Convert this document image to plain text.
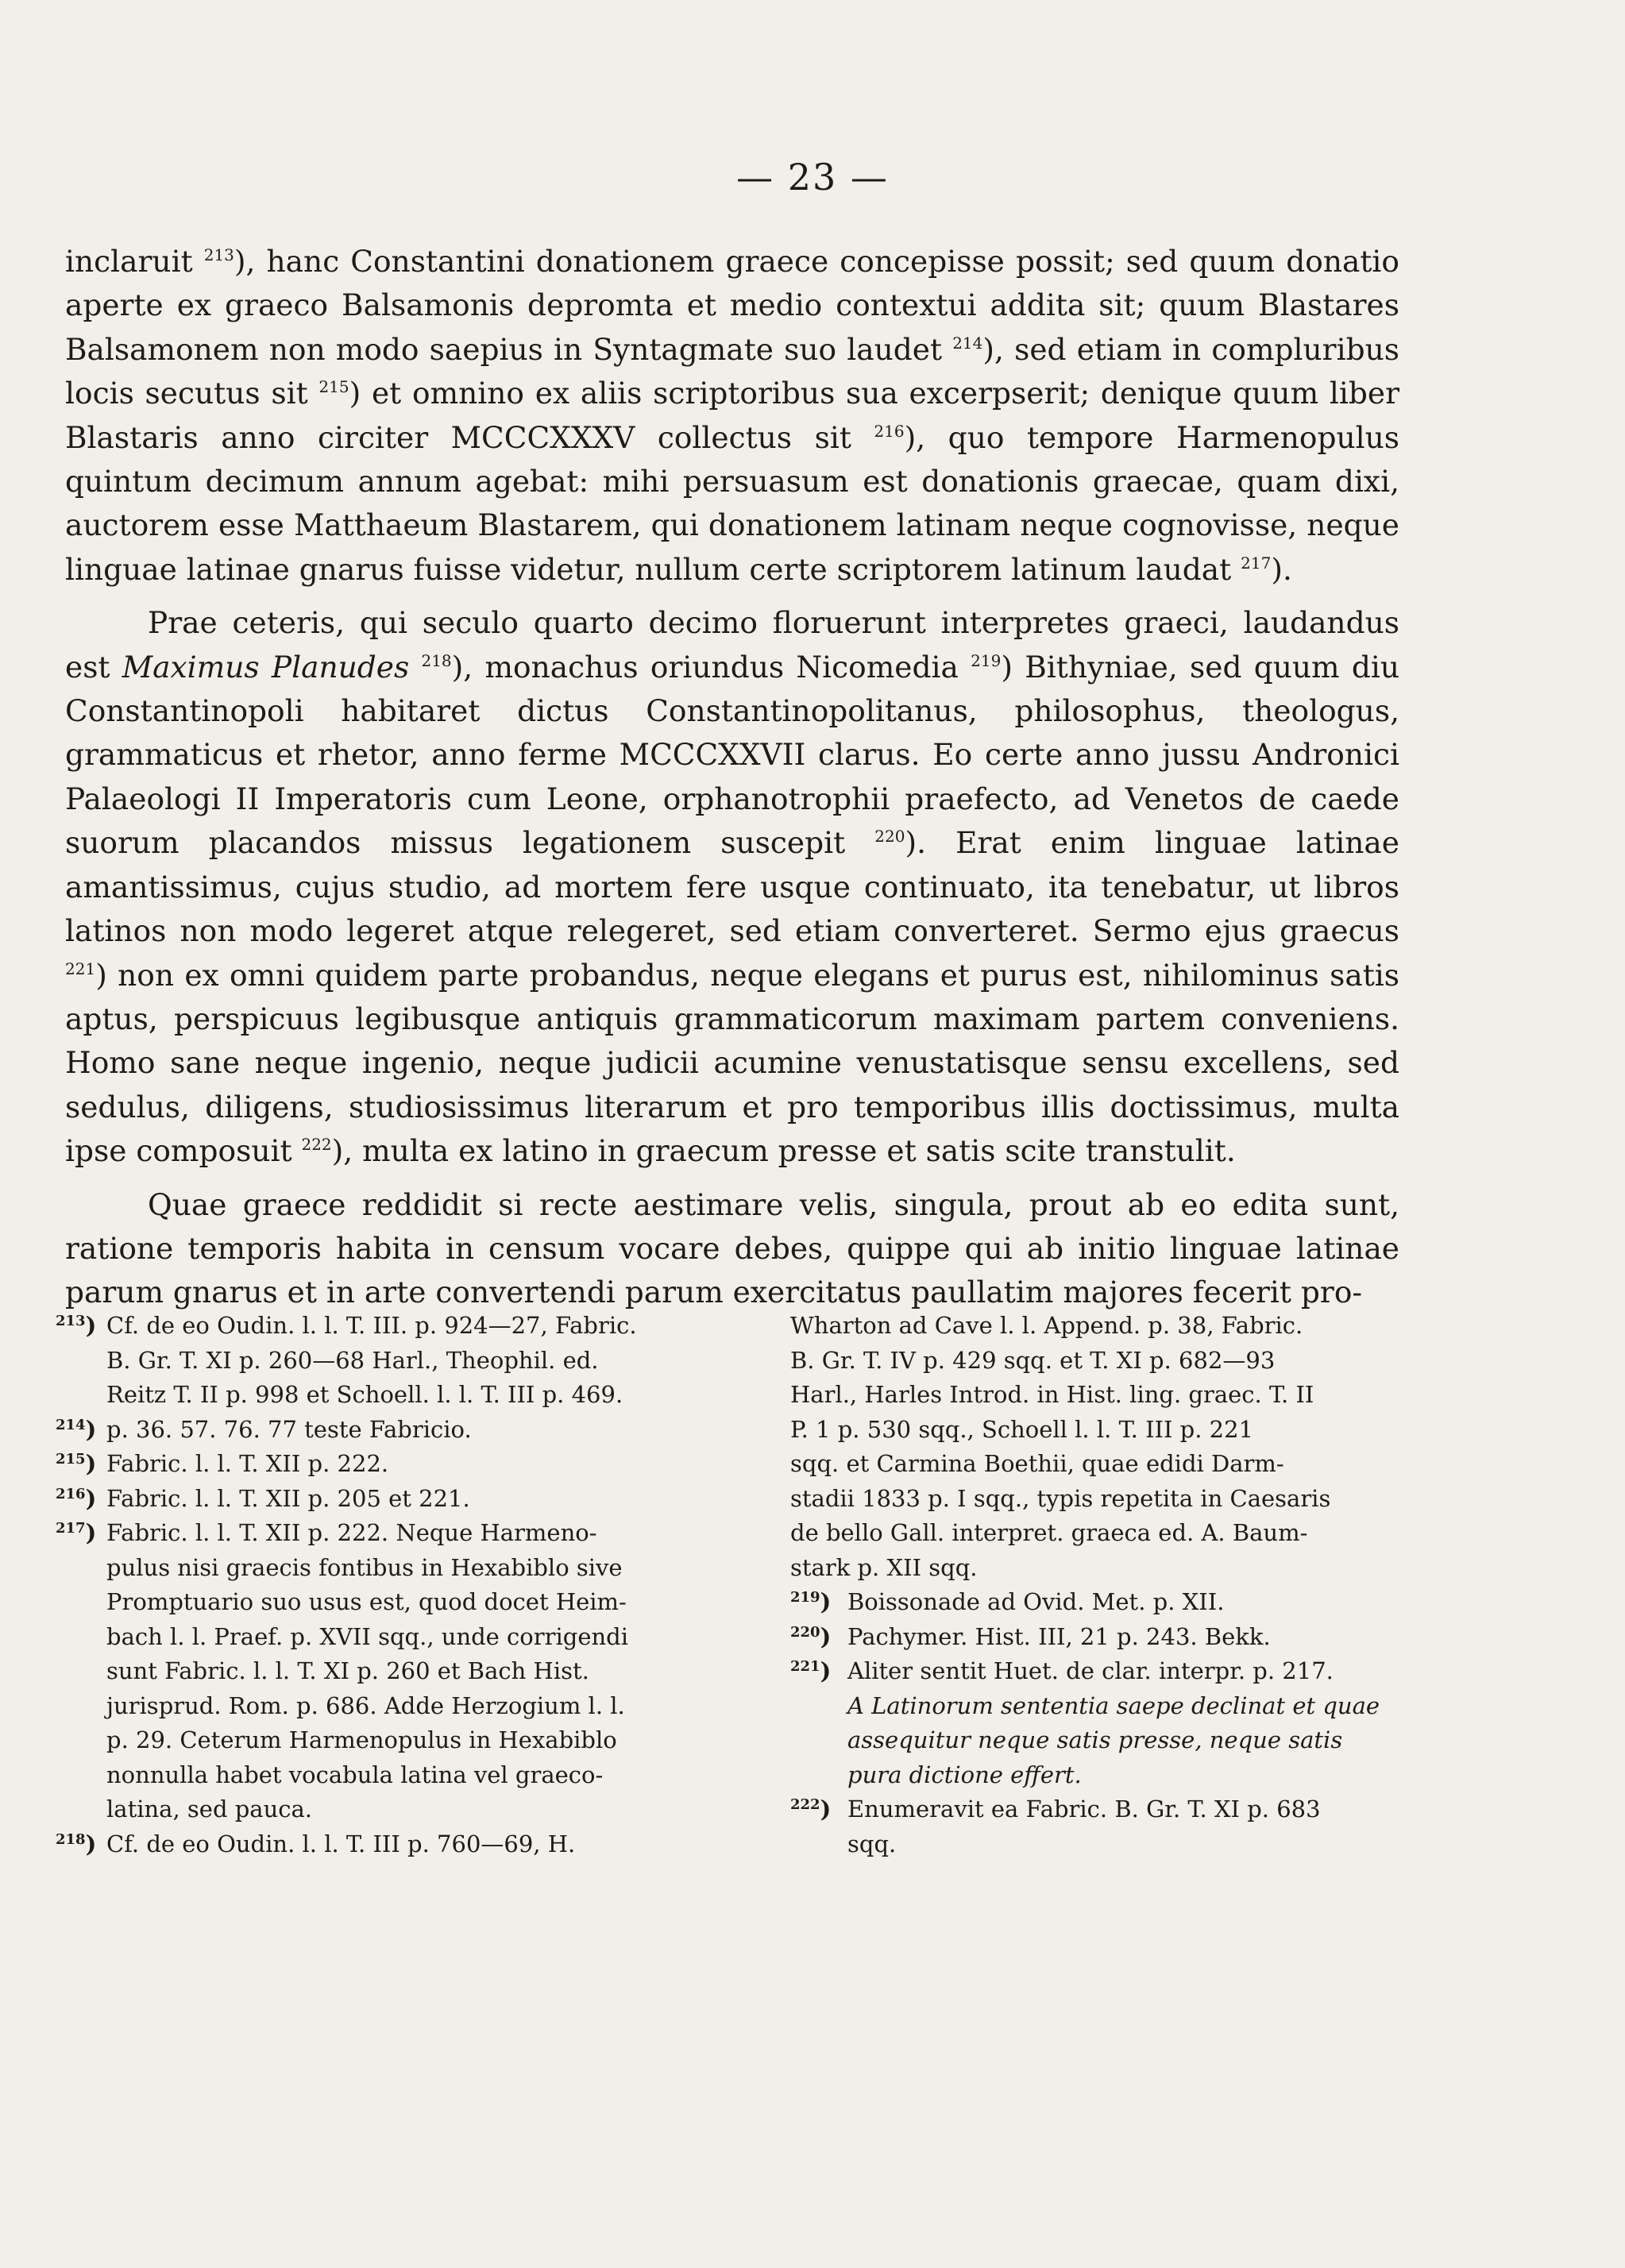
— 23 —

inclaruit $^{213}$), hanc Constantini donationem graece concepisse possit; sed quum donatio aperte ex graeco Balsamonis depromta et medio contextui addita sit; quum Blastares Balsamonem non modo saepius in Syntagmate suo laudet $^{214}$), sed etiam in compluribus locis secutus sit $^{215}$) et omnino ex aliis scriptoribus sua excerpserit; denique quum liber Blastaris anno circiter MCCCXXXV collectus sit $^{216}$), quo tempore Harmenopulus quintum decimum annum agebat: mihi persuasum est donationis graecae, quam dixi, auctorem esse Matthaeum Blastarem, qui donationem latinam neque cognovisse, neque linguae latinae gnarus fuisse videtur, nullum certe scriptorem latinum laudat $^{217}$).

Prae ceteris, qui seculo quarto decimo floruerunt interpretes graeci, laudandus est Maximus Planudes $^{218}$), monachus oriundus Nicomedia $^{219}$) Bithyniae, sed quum diu Constantinopoli habitaret dictus Constantinopolitanus, philosophus, theologus, grammaticus et rhetor, anno ferme MCCCXXVII clarus. Eo certe anno jussu Andronici Palaeologi II Imperatoris cum Leone, orphanotrophii praefecto, ad Venetos de caede suorum placandos missus legationem suscepit $^{220}$). Erat enim linguae latinae amantissimus, cujus studio, ad mortem fere usque continuato, ita tenebatur, ut libros latinos non modo legeret atque relegeret, sed etiam converteret. Sermo ejus graecus $^{221}$) non ex omni quidem parte probandus, neque elegans et purus est, nihilominus satis aptus, perspicuus legibusque antiquis grammaticorum maximam partem conveniens. Homo sane neque ingenio, neque judicii acumine venustatisque sensu excellens, sed sedulus, diligens, studiosissimus literarum et pro temporibus illis doctissimus, multa ipse composuit $^{222}$), multa ex latino in graecum presse et satis scite transtulit.

Quae graece reddidit si recte aestimare velis, singula, prout ab eo edita sunt, ratione temporis habita in censum vocare debes, quippe qui ab initio linguae latinae parum gnarus et in arte convertendi parum exercitatus paullatim majores fecerit pro-

$^{213}$) Cf. de eo Oudin. l. l. T. III. p. 924—27, Fabric.
B. Gr. T. XI p. 260—68 Harl., Theophil. ed.
Reitz T. II p. 998 et Schoell. l. l. T. III p. 469.
$^{214}$) p. 36. 57. 76. 77 teste Fabricio.
$^{215}$) Fabric. l. l. T. XII p. 222.
$^{216}$) Fabric. l. l. T. XII p. 205 et 221.
$^{217}$) Fabric. l. l. T. XII p. 222. Neque Harmeno-
pulus nisi graecis fontibus in Hexabiblo sive
Promptuario suo usus est, quod docet Heim-
bach l. l. Praef. p. XVII sqq., unde corrigendi
sunt Fabric. l. l. T. XI p. 260 et Bach Hist.
jurisprud. Rom. p. 686. Adde Herzogium l. l.
p. 29. Ceterum Harmenopulus in Hexabiblo
nonnulla habet vocabula latina vel graeco-
latina, sed pauca.
$^{218}$) Cf. de eo Oudin. l. l. T. III p. 760—69, H.
Wharton ad Cave l. l. Append. p. 38, Fabric.
B. Gr. T. IV p. 429 sqq. et T. XI p. 682—93
Harl., Harles Introd. in Hist. ling. graec. T. II
P. 1 p. 530 sqq., Schoell l. l. T. III p. 221
sqq. et Carmina Boethii, quae edidi Darm-
stadii 1833 p. I sqq., typis repetita in Caesaris
de bello Gall. interpret. graeca ed. A. Baum-
stark p. XII sqq.
$^{219}$) Boissonade ad Ovid. Met. p. XII.
$^{220}$) Pachymer. Hist. III, 21 p. 243. Bekk.
$^{221}$) Aliter sentit Huet. de clar. interpr. p. 217.
A Latinorum sententia saepe declinat et quae
assequitur neque satis presse, neque satis
pura dictione effert.
$^{222}$) Enumeravit ea Fabric. B. Gr. T. XI p. 683
sqq.
